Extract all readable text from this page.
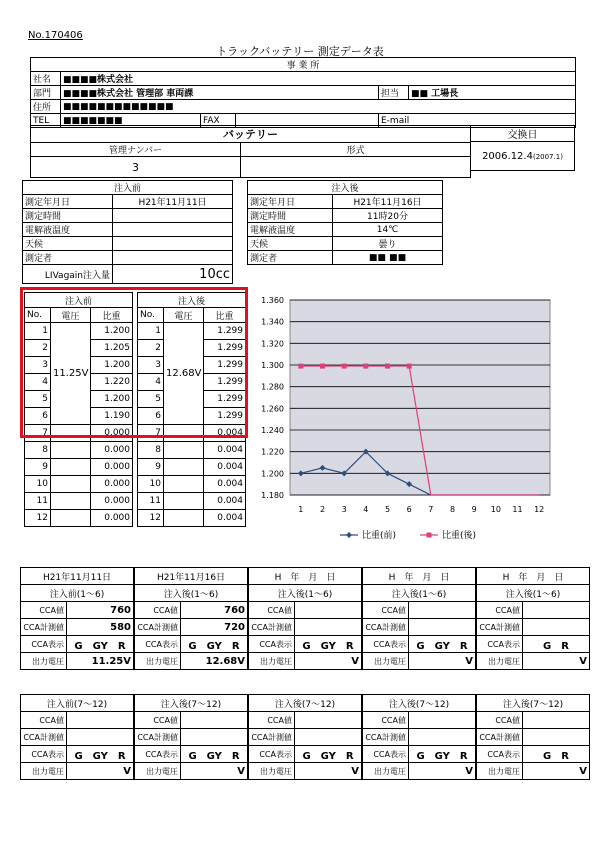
No.170406
トラックバッテリー 測定データ表
事 業 所					
社名	■■■■株式会社				
部門	■■■■株式会社 管理部 車両課			担当	■■ 工場長
住所	■■■■■■■■■■■■■				
TEL	■■■■■■■	FAX		E-mail	
バッテリー	
管理ナンバー	形式
3	
交換日
2006.12.4(2007.1)
注入前	
測定年月日	H21年11月11日
測定時間	
電解液温度	
天候	
測定者	
LIVagain注入量	10cc
注入後	
測定年月日	H21年11月16日
測定時間	11時20分
電解液温度	14℃
天候	曇り
測定者	■■ ■■
注入前		
No.	電圧	比重
1	11.25V	1.200
2		1.205
3		1.200
4		1.220
5		1.200
6		1.190
7		0.000
8		0.000
9		0.000
10		0.000
11		0.000
12		0.000
注入後		
No.	電圧	比重
1	12.68V	1.299
2		1.299
3		1.299
4		1.299
5		1.299
6		1.299
7		0.004
8		0.004
9		0.004
10		0.004
11		0.004
12		0.004
1.360
1.340
1.320
1.300
1.280
1.260
1.240
1.220
1.200
1.180
1 2 3 4 5 6 7 8 9 10 11 12
比重(前)	比重(後)
H21年11月11日	
注入前(1～6)	
CCA値	760
CCA計測値	580
CCA表示	G　GY　R
出力電圧	11.25V
H21年11月16日	
注入後(1～6)	
CCA値	760
CCA計測値	720
CCA表示	G　GY　R
出力電圧	12.68V
H　年　月　日	
注入後(1～6)	
CCA値	
CCA計測値	
CCA表示	G　GY　R
出力電圧	V
H　年　月　日	
注入後(1～6)	
CCA値	
CCA計測値	
CCA表示	G　GY　R
出力電圧	V
H　年　月　日	
注入後(1～6)	
CCA値	
CCA計測値	
CCA表示	G　R
出力電圧	V
注入前(7～12)	
CCA値	
CCA計測値	
CCA表示	G　GY　R
出力電圧	V
注入後(7～12)	
CCA値	
CCA計測値	
CCA表示	G　GY　R
出力電圧	V
注入後(7～12)	
CCA値	
CCA計測値	
CCA表示	G　GY　R
出力電圧	V
注入後(7～12)	
CCA値	
CCA計測値	
CCA表示	G　GY　R
出力電圧	V
注入後(7～12)	
CCA値	
CCA計測値	
CCA表示	G　R
出力電圧	V
